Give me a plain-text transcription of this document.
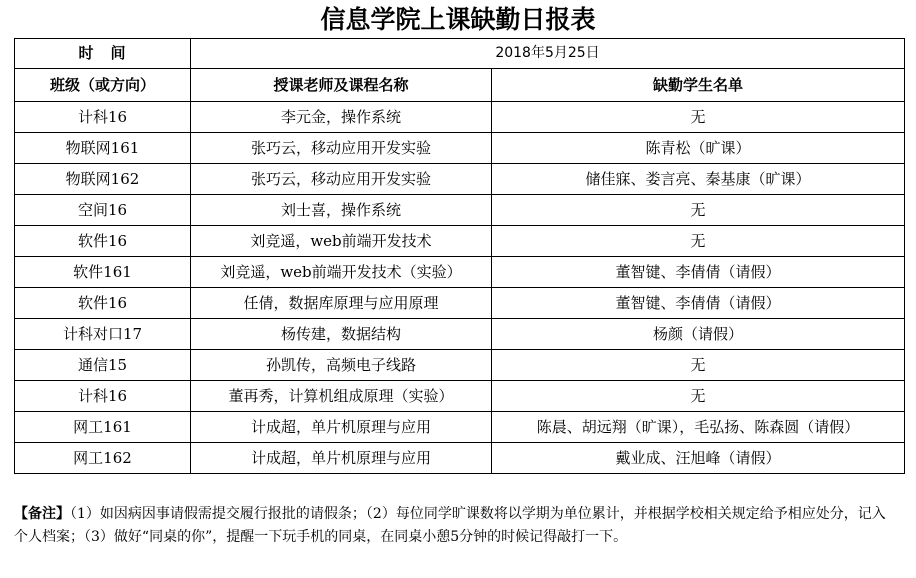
信息学院上课缺勤日报表
时　间	2018年5月25日	
班级（或方向）	授课老师及课程名称	缺勤学生名单
计科16	李元金，操作系统	无
物联网161	张巧云，移动应用开发实验	陈青松（旷课）
物联网162	张巧云，移动应用开发实验	储佳寐、娄言亮、秦基康（旷课）
空间16	刘士喜，操作系统	无
软件16	刘竞遥，web前端开发技术	无
软件161	刘竞遥，web前端开发技术（实验）	董智键、李倩倩（请假）
软件16	任倩，数据库原理与应用原理	董智键、李倩倩（请假）
计科对口17	杨传建，数据结构	杨颜（请假）
通信15	孙凯传，高频电子线路	无
计科16	董再秀，计算机组成原理（实验）	无
网工161	计成超，单片机原理与应用	陈晨、胡远翔（旷课），毛弘扬、陈森圆（请假）
网工162	计成超，单片机原理与应用	戴业成、汪旭峰（请假）
【备注】（1）如因病因事请假需提交履行报批的请假条；（2）每位同学旷课数将以学期为单位累计，并根据学校相关规定给予相应处分，记入个人档案；（3）做好“同桌的你”，提醒一下玩手机的同桌，在同桌小憩5分钟的时候记得敲打一下。
